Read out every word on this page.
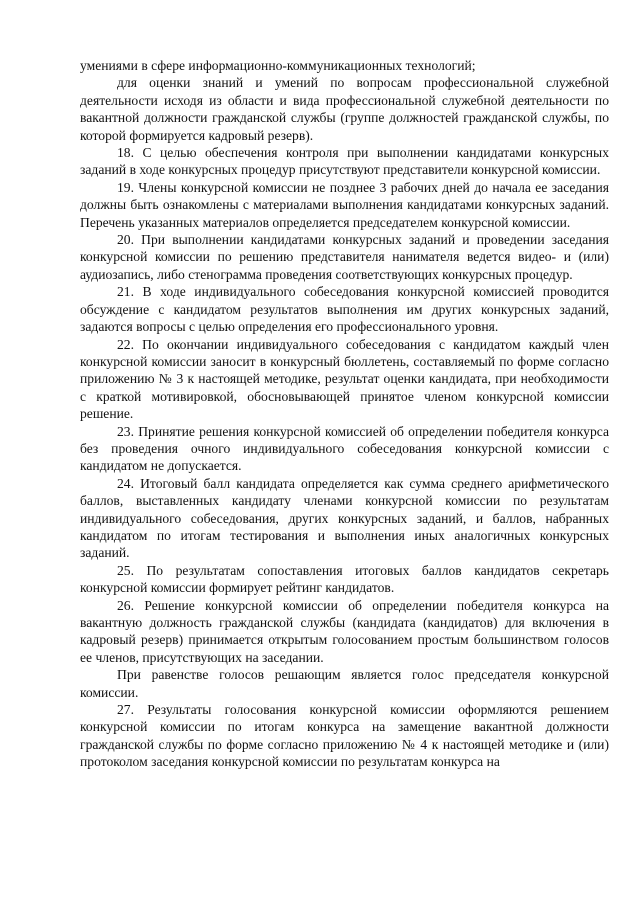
умениями в сфере информационно-коммуникационных технологий;

для оценки знаний и умений по вопросам профессиональной служебной деятельности исходя из области и вида профессиональной служебной деятельности по вакантной должности гражданской службы (группе должностей гражданской службы, по которой формируется кадровый резерв).

18. С целью обеспечения контроля при выполнении кандидатами конкурсных заданий в ходе конкурсных процедур присутствуют представители конкурсной комиссии.

19. Члены конкурсной комиссии не позднее 3 рабочих дней до начала ее заседания должны быть ознакомлены с материалами выполнения кандидатами конкурсных заданий. Перечень указанных материалов определяется председателем конкурсной комиссии.

20. При выполнении кандидатами конкурсных заданий и проведении заседания конкурсной комиссии по решению представителя нанимателя ведется видео- и (или) аудиозапись, либо стенограмма проведения соответствующих конкурсных процедур.

21. В ходе индивидуального собеседования конкурсной комиссией проводится обсуждение с кандидатом результатов выполнения им других конкурсных заданий, задаются вопросы с целью определения его профессионального уровня.

22. По окончании индивидуального собеседования с кандидатом каждый член конкурсной комиссии заносит в конкурсный бюллетень, составляемый по форме согласно приложению № 3 к настоящей методике, результат оценки кандидата, при необходимости с краткой мотивировкой, обосновывающей принятое членом конкурсной комиссии решение.

23. Принятие решения конкурсной комиссией об определении победителя конкурса без проведения очного индивидуального собеседования конкурсной комиссии с кандидатом не допускается.

24. Итоговый балл кандидата определяется как сумма среднего арифметического баллов, выставленных кандидату членами конкурсной комиссии по результатам индивидуального собеседования, других конкурсных заданий, и баллов, набранных кандидатом по итогам тестирования и выполнения иных аналогичных конкурсных заданий.

25. По результатам сопоставления итоговых баллов кандидатов секретарь конкурсной комиссии формирует рейтинг кандидатов.

26. Решение конкурсной комиссии об определении победителя конкурса на вакантную должность гражданской службы (кандидата (кандидатов) для включения в кадровый резерв) принимается открытым голосованием простым большинством голосов ее членов, присутствующих на заседании.

При равенстве голосов решающим является голос председателя конкурсной комиссии.

27. Результаты голосования конкурсной комиссии оформляются решением конкурсной комиссии по итогам конкурса на замещение вакантной должности гражданской службы по форме согласно приложению № 4 к настоящей методике и (или) протоколом заседания конкурсной комиссии по результатам конкурса на
